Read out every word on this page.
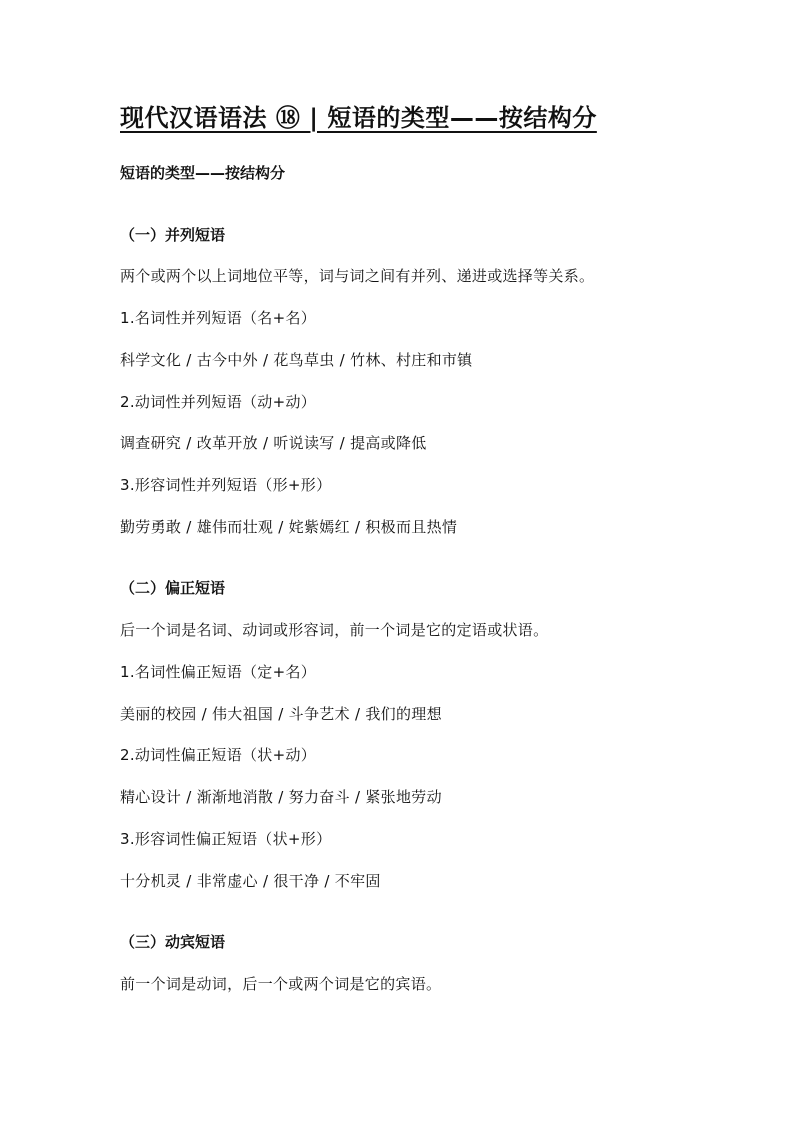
现代汉语语法 ⑱ | 短语的类型——按结构分
短语的类型——按结构分
（一）并列短语
两个或两个以上词地位平等，词与词之间有并列、递进或选择等关系。
1.名词性并列短语（名+名）
科学文化 / 古今中外 / 花鸟草虫 / 竹林、村庄和市镇
2.动词性并列短语（动+动）
调查研究 / 改革开放 / 听说读写 / 提高或降低
3.形容词性并列短语（形+形）
勤劳勇敢 / 雄伟而壮观 / 姹紫嫣红 / 积极而且热情
（二）偏正短语
后一个词是名词、动词或形容词，前一个词是它的定语或状语。
1.名词性偏正短语（定+名）
美丽的校园 / 伟大祖国 / 斗争艺术 / 我们的理想
2.动词性偏正短语（状+动）
精心设计 / 渐渐地消散 / 努力奋斗 / 紧张地劳动
3.形容词性偏正短语（状+形）
十分机灵 / 非常虚心 / 很干净 / 不牢固
（三）动宾短语
前一个词是动词，后一个或两个词是它的宾语。
